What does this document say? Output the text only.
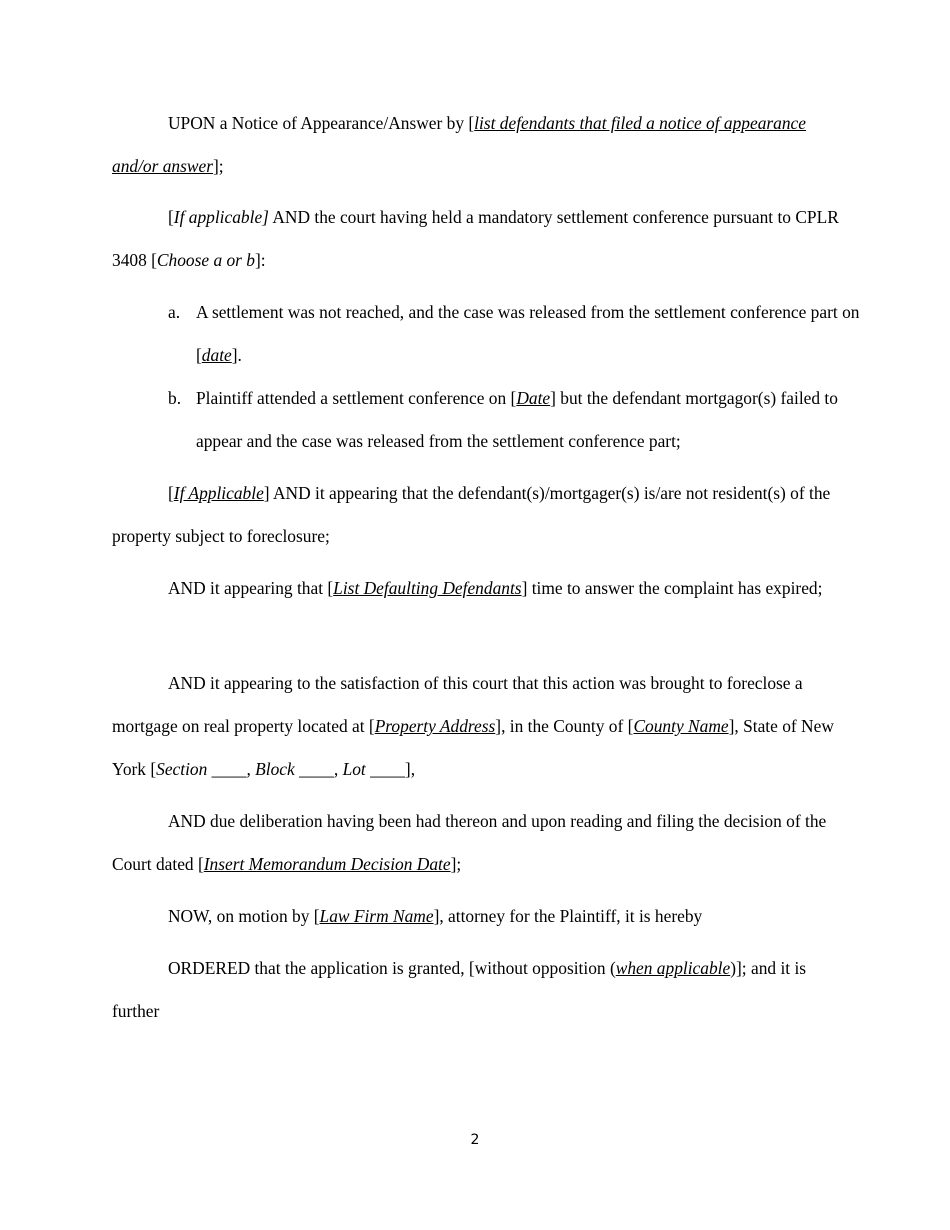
UPON a Notice of Appearance/Answer by [list defendants that filed a notice of appearance and/or answer];

[If applicable] AND the court having held a mandatory settlement conference pursuant to CPLR 3408 [Choose a or b]:

a. A settlement was not reached, and the case was released from the settlement conference part on [date].

b. Plaintiff attended a settlement conference on [Date] but the defendant mortgagor(s) failed to appear and the case was released from the settlement conference part;

[If Applicable] AND it appearing that the defendant(s)/mortgager(s) is/are not resident(s) of the property subject to foreclosure;

AND it appearing that [List Defaulting Defendants] time to answer the complaint has expired;

AND it appearing to the satisfaction of this court that this action was brought to foreclose a mortgage on real property located at [Property Address], in the County of [County Name], State of New York [Section ____, Block ____, Lot ____],

AND due deliberation having been had thereon and upon reading and filing the decision of the Court dated [Insert Memorandum Decision Date];

NOW, on motion by [Law Firm Name], attorney for the Plaintiff, it is hereby

ORDERED that the application is granted, [without opposition (when applicable)]; and it is further

2
